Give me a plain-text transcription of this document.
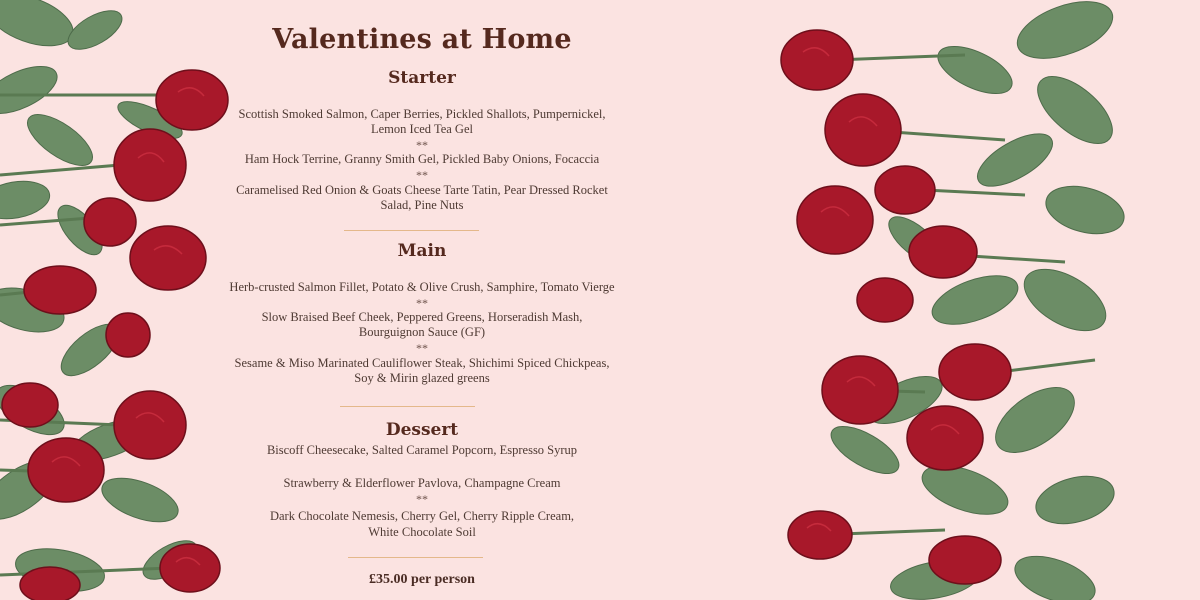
Valentines at Home
Starter
Scottish Smoked Salmon, Caper Berries, Pickled Shallots, Pumpernickel,
Lemon Iced Tea Gel
**
Ham Hock Terrine, Granny Smith Gel, Pickled Baby Onions, Focaccia
**
Caramelised Red Onion & Goats Cheese Tarte Tatin, Pear Dressed Rocket
Salad, Pine Nuts
Main
Herb-crusted Salmon Fillet, Potato & Olive Crush, Samphire, Tomato Vierge
**
Slow Braised Beef Cheek, Peppered Greens, Horseradish Mash,
Bourguignon Sauce (GF)
**
Sesame & Miso Marinated Cauliflower Steak, Shichimi Spiced Chickpeas,
Soy & Mirin glazed greens
Dessert
Biscoff Cheesecake, Salted Caramel Popcorn, Espresso Syrup
Strawberry & Elderflower Pavlova, Champagne Cream
**
Dark Chocolate Nemesis, Cherry Gel, Cherry Ripple Cream,
White Chocolate Soil
£35.00 per person
